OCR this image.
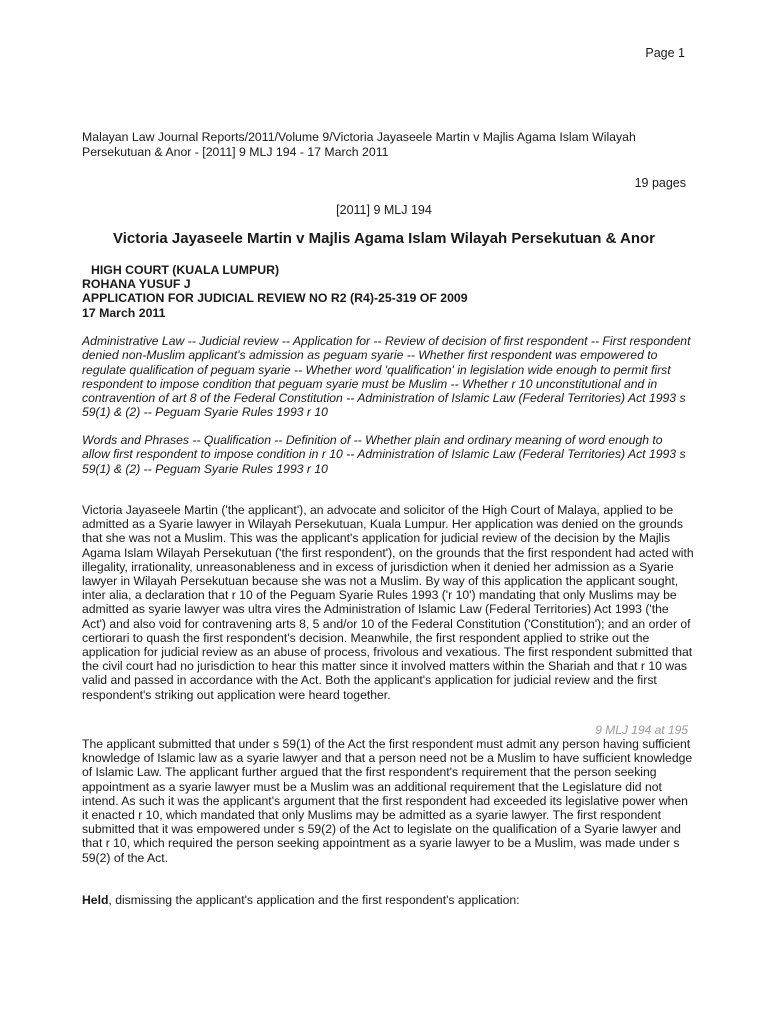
Page 1
Malayan Law Journal Reports/2011/Volume 9/Victoria Jayaseele Martin v Majlis Agama Islam Wilayah Persekutuan & Anor - [2011] 9 MLJ 194 - 17 March 2011
19 pages
[2011] 9 MLJ 194
Victoria Jayaseele Martin v Majlis Agama Islam Wilayah Persekutuan & Anor
HIGH COURT (KUALA LUMPUR)
ROHANA YUSUF J
APPLICATION FOR JUDICIAL REVIEW NO R2 (R4)-25-319 OF 2009
17 March 2011
Administrative Law -- Judicial review -- Application for -- Review of decision of first respondent -- First respondent denied non-Muslim applicant's admission as peguam syarie -- Whether first respondent was empowered to regulate qualification of peguam syarie -- Whether word 'qualification' in legislation wide enough to permit first respondent to impose condition that peguam syarie must be Muslim -- Whether r 10 unconstitutional and in contravention of art 8 of the Federal Constitution -- Administration of Islamic Law (Federal Territories) Act 1993 s 59(1) & (2) -- Peguam Syarie Rules 1993 r 10
Words and Phrases -- Qualification -- Definition of -- Whether plain and ordinary meaning of word enough to allow first respondent to impose condition in r 10 -- Administration of Islamic Law (Federal Territories) Act 1993 s 59(1) & (2) -- Peguam Syarie Rules 1993 r 10
Victoria Jayaseele Martin ('the applicant'), an advocate and solicitor of the High Court of Malaya, applied to be admitted as a Syarie lawyer in Wilayah Persekutuan, Kuala Lumpur. Her application was denied on the grounds that she was not a Muslim. This was the applicant's application for judicial review of the decision by the Majlis Agama Islam Wilayah Persekutuan ('the first respondent'), on the grounds that the first respondent had acted with illegality, irrationality, unreasonableness and in excess of jurisdiction when it denied her admission as a Syarie lawyer in Wilayah Persekutuan because she was not a Muslim. By way of this application the applicant sought, inter alia, a declaration that r 10 of the Peguam Syarie Rules 1993 ('r 10') mandating that only Muslims may be admitted as syarie lawyer was ultra vires the Administration of Islamic Law (Federal Territories) Act 1993 ('the Act') and also void for contravening arts 8, 5 and/or 10 of the Federal Constitution ('Constitution'); and an order of certiorari to quash the first respondent's decision. Meanwhile, the first respondent applied to strike out the application for judicial review as an abuse of process, frivolous and vexatious. The first respondent submitted that the civil court had no jurisdiction to hear this matter since it involved matters within the Shariah and that r 10 was valid and passed in accordance with the Act. Both the applicant's application for judicial review and the first respondent's striking out application were heard together.
9 MLJ 194 at 195
The applicant submitted that under s 59(1) of the Act the first respondent must admit any person having sufficient knowledge of Islamic law as a syarie lawyer and that a person need not be a Muslim to have sufficient knowledge of Islamic Law. The applicant further argued that the first respondent's requirement that the person seeking appointment as a syarie lawyer must be a Muslim was an additional requirement that the Legislature did not intend. As such it was the applicant's argument that the first respondent had exceeded its legislative power when it enacted r 10, which mandated that only Muslims may be admitted as a syarie lawyer. The first respondent submitted that it was empowered under s 59(2) of the Act to legislate on the qualification of a Syarie lawyer and that r 10, which required the person seeking appointment as a syarie lawyer to be a Muslim, was made under s 59(2) of the Act.
Held, dismissing the applicant's application and the first respondent's application:
